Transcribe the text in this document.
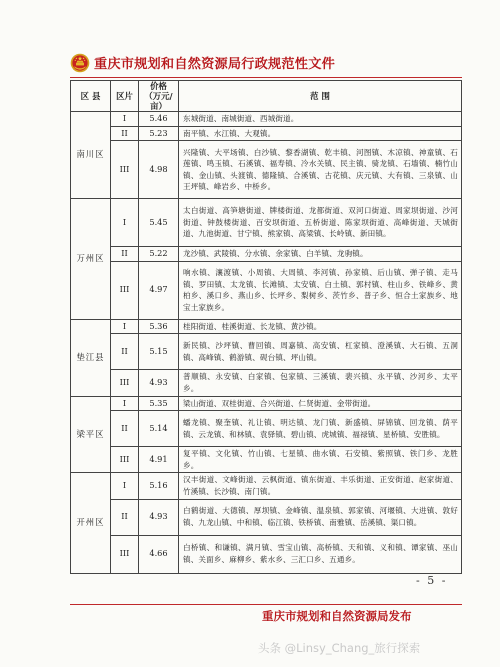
重庆市规划和自然资源局行政规范性文件
区 县	区片	价格
（万元/亩）	范 围
南川区	I	5.46	东城街道、南城街道、西城街道。
	II	5.23	南平镇、水江镇、大观镇。
	III	4.98	兴隆镇、大平场镇、白沙镇、黎香湖镇、乾丰镇、河图镇、木凉镇、神童镇、石莲镇、鸣玉镇、石溪镇、福寿镇、冷水关镇、民主镇、骑龙镇、石墙镇、楠竹山镇、金山镇、头渡镇、德隆镇、合溪镇、古花镇、庆元镇、大有镇、三泉镇、山王坪镇、峰岩乡、中桥乡。
万州区	I	5.45	太白街道、高笋塘街道、牌楼街道、龙都街道、双河口街道、周家坝街道、沙河街道、钟鼓楼街道、百安坝街道、五桥街道、陈家坝街道、高峰街道、天城街道、九池街道、甘宁镇、熊家镇、高梁镇、长岭镇、新田镇。
	II	5.22	龙沙镇、武陵镇、分水镇、余家镇、白羊镇、龙驹镇。
	III	4.97	响水镇、瀼渡镇、小周镇、大周镇、李河镇、孙家镇、后山镇、弹子镇、走马镇、罗田镇、太龙镇、长滩镇、太安镇、白土镇、郭村镇、柱山乡、铁峰乡、黄柏乡、溪口乡、燕山乡、长坪乡、梨树乡、茨竹乡、普子乡、恒合土家族乡、地宝土家族乡。
垫江县	I	5.36	桂阳街道、桂溪街道、长龙镇、黄沙镇。
	II	5.15	新民镇、沙坪镇、曹回镇、周嘉镇、高安镇、杠家镇、澄溪镇、大石镇、五洞镇、高峰镇、鹤游镇、砚台镇、坪山镇。
	III	4.93	普顺镇、永安镇、白家镇、包家镇、三溪镇、裴兴镇、永平镇、沙河乡、太平乡。
梁平区	I	5.35	梁山街道、双桂街道、合兴街道、仁贤街道、金带街道。
	II	5.14	蟠龙镇、聚奎镇、礼让镇、明达镇、龙门镇、新盛镇、屏锦镇、回龙镇、荫平镇、云龙镇、和林镇、袁驿镇、碧山镇、虎城镇、福禄镇、星桥镇、安胜镇。
	III	4.91	复平镇、文化镇、竹山镇、七星镇、曲水镇、石安镇、紫照镇、铁门乡、龙胜乡。
开州区	I	5.16	汉丰街道、文峰街道、云枫街道、镇东街道、丰乐街道、正安街道、赵家街道、竹溪镇、长沙镇、南门镇。
	II	4.93	白鹤街道、大德镇、厚坝镇、金峰镇、温泉镇、郭家镇、河堰镇、大进镇、敦好镇、九龙山镇、中和镇、临江镇、铁桥镇、南雅镇、岳溪镇、渠口镇。
	III	4.66	白桥镇、和谦镇、满月镇、雪宝山镇、高桥镇、天和镇、义和镇、谭家镇、巫山镇、关面乡、麻柳乡、紫水乡、三汇口乡、五通乡。
- 5 -
重庆市规划和自然资源局发布
头条 @Linsy_Chang_旅行探索
